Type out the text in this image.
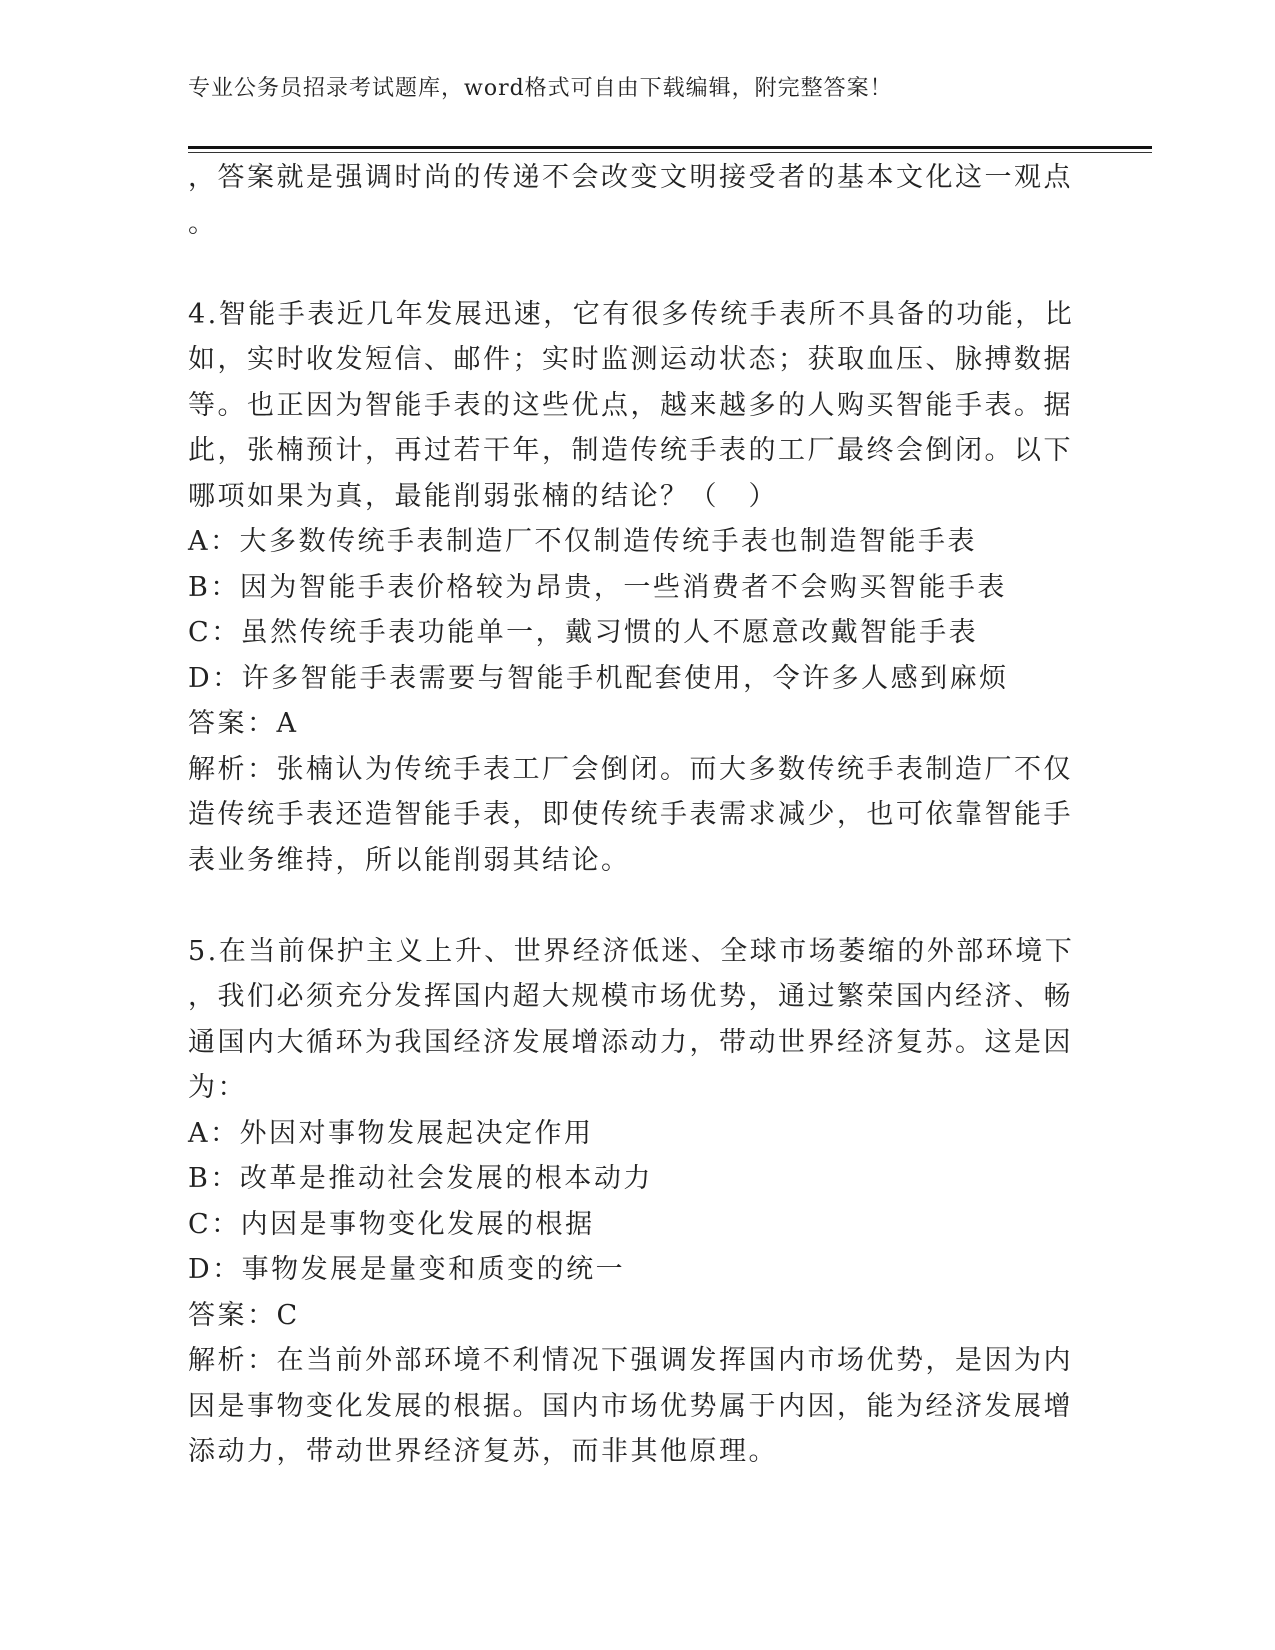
专业公务员招录考试题库，word格式可自由下载编辑，附完整答案！
，答案就是强调时尚的传递不会改变文明接受者的基本文化这一观点
。
4.智能手表近几年发展迅速，它有很多传统手表所不具备的功能，比
如，实时收发短信、邮件；实时监测运动状态；获取血压、脉搏数据
等。也正因为智能手表的这些优点，越来越多的人购买智能手表。据
此，张楠预计，再过若干年，制造传统手表的工厂最终会倒闭。以下
哪项如果为真，最能削弱张楠的结论？（　）
A：大多数传统手表制造厂不仅制造传统手表也制造智能手表
B：因为智能手表价格较为昂贵，一些消费者不会购买智能手表
C：虽然传统手表功能单一，戴习惯的人不愿意改戴智能手表
D：许多智能手表需要与智能手机配套使用，令许多人感到麻烦
答案：A
解析：张楠认为传统手表工厂会倒闭。而大多数传统手表制造厂不仅
造传统手表还造智能手表，即使传统手表需求减少，也可依靠智能手
表业务维持，所以能削弱其结论。
5.在当前保护主义上升、世界经济低迷、全球市场萎缩的外部环境下
，我们必须充分发挥国内超大规模市场优势，通过繁荣国内经济、畅
通国内大循环为我国经济发展增添动力，带动世界经济复苏。这是因
为：
A：外因对事物发展起决定作用
B：改革是推动社会发展的根本动力
C：内因是事物变化发展的根据
D：事物发展是量变和质变的统一
答案：C
解析：在当前外部环境不利情况下强调发挥国内市场优势，是因为内
因是事物变化发展的根据。国内市场优势属于内因，能为经济发展增
添动力，带动世界经济复苏，而非其他原理。
